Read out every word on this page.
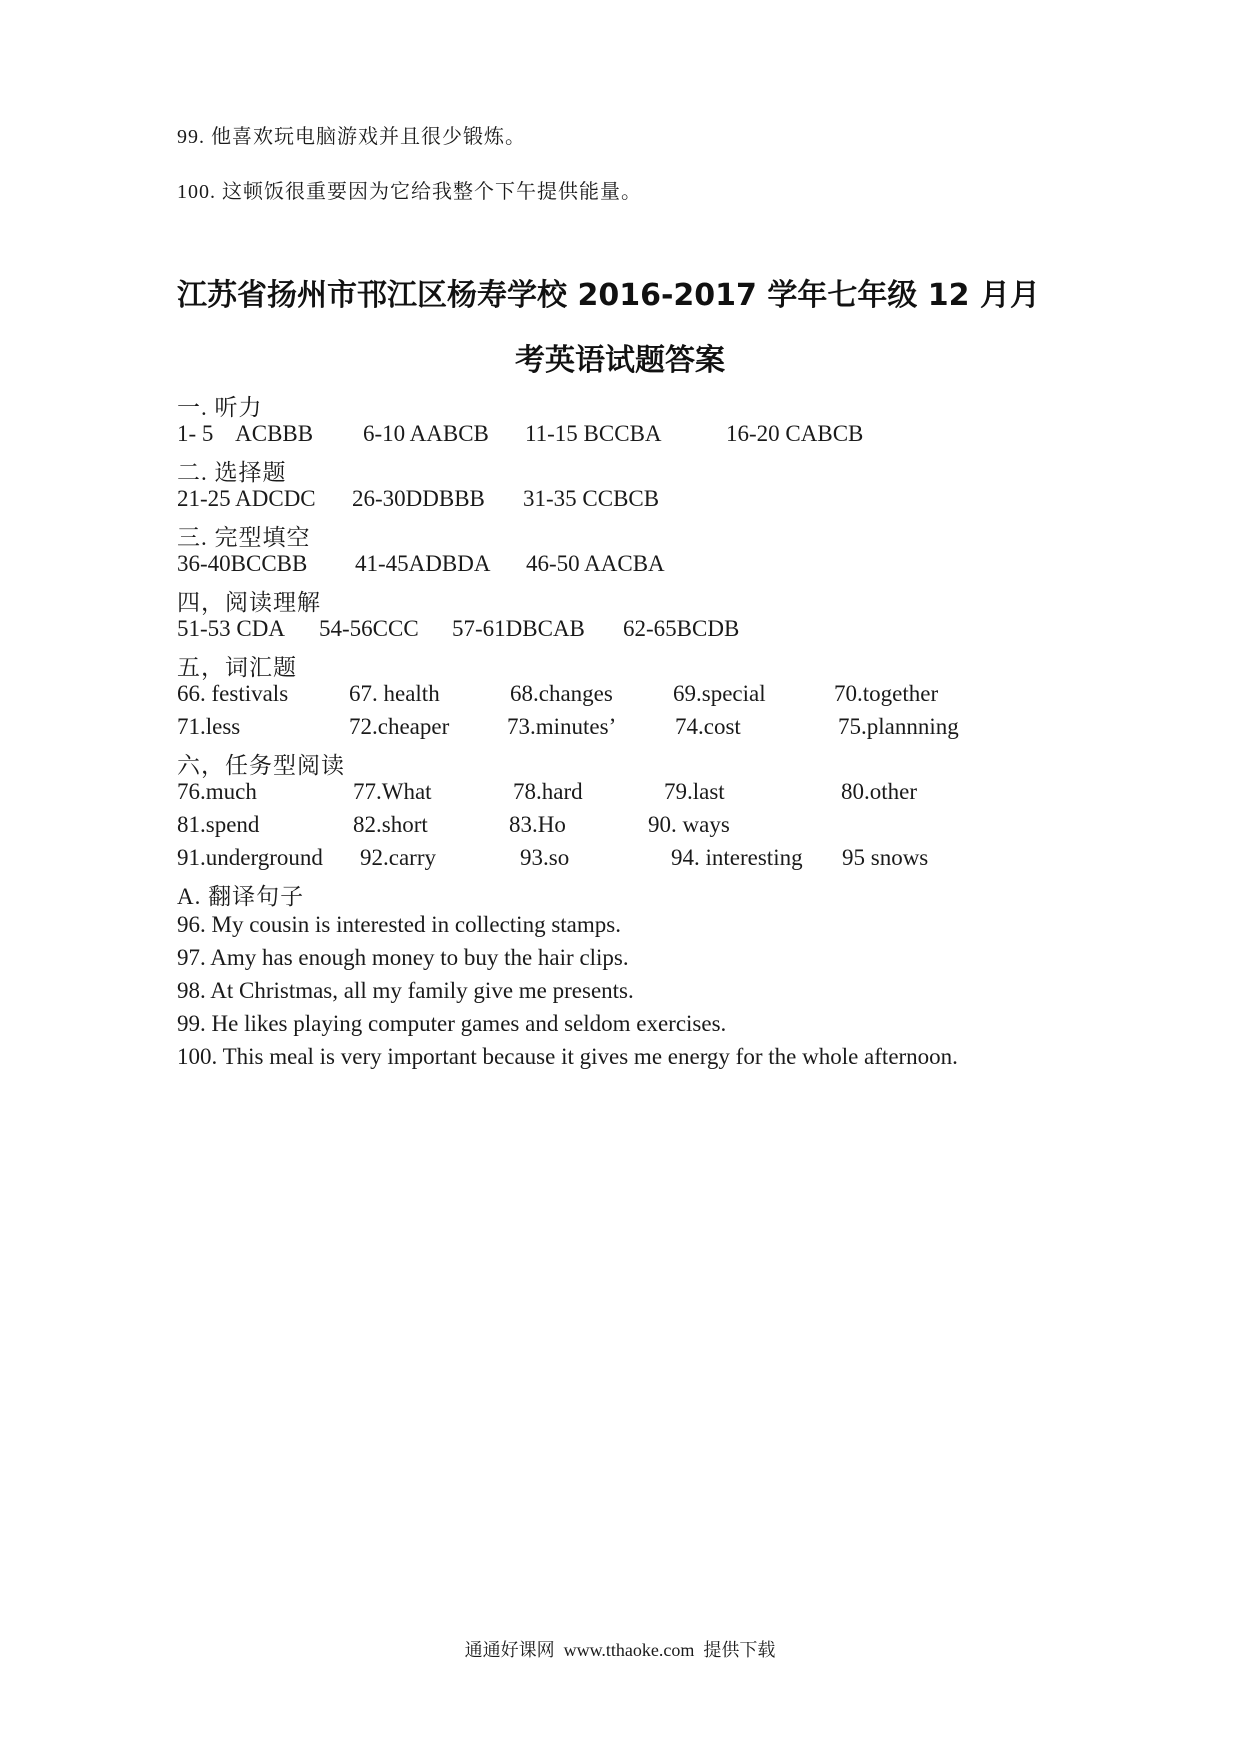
99. 他喜欢玩电脑游戏并且很少锻炼。
100. 这顿饭很重要因为它给我整个下午提供能量。
江苏省扬州市邗江区杨寿学校 2016-2017 学年七年级 12 月月
考英语试题答案
一. 听力
1- 5    ACBBB 6-10 AABCB 11-15 BCCBA	16-20 CABCB
二. 选择题
21-25 ADCDC 26-30DDBBB 31-35 CCBCB
三. 完型填空
36-40BCCBB 41-45ADBDA 46-50 AACBA
四，阅读理解
51-53 CDA 54-56CCC 57-61DBCAB 62-65BCDB
五，词汇题
66. festivals	67. health	68.changes	69.special	70.together
71.less	72.cheaper	73.minutes’	74.cost	75.plannning
六，任务型阅读
76.much	77.What	78.hard	79.last	80.other
81.spend	82.short	83.Ho	90. ways
91.underground 92.carry	93.so	94. interesting 95 snows
A. 翻译句子
96. My cousin is interested in collecting stamps.
97. Amy has enough money to buy the hair clips.
98. At Christmas, all my family give me presents.
99. He likes playing computer games and seldom exercises.
100. This meal is very important because it gives me energy for the whole afternoon.
通通好课网  www.tthaoke.com  提供下载
